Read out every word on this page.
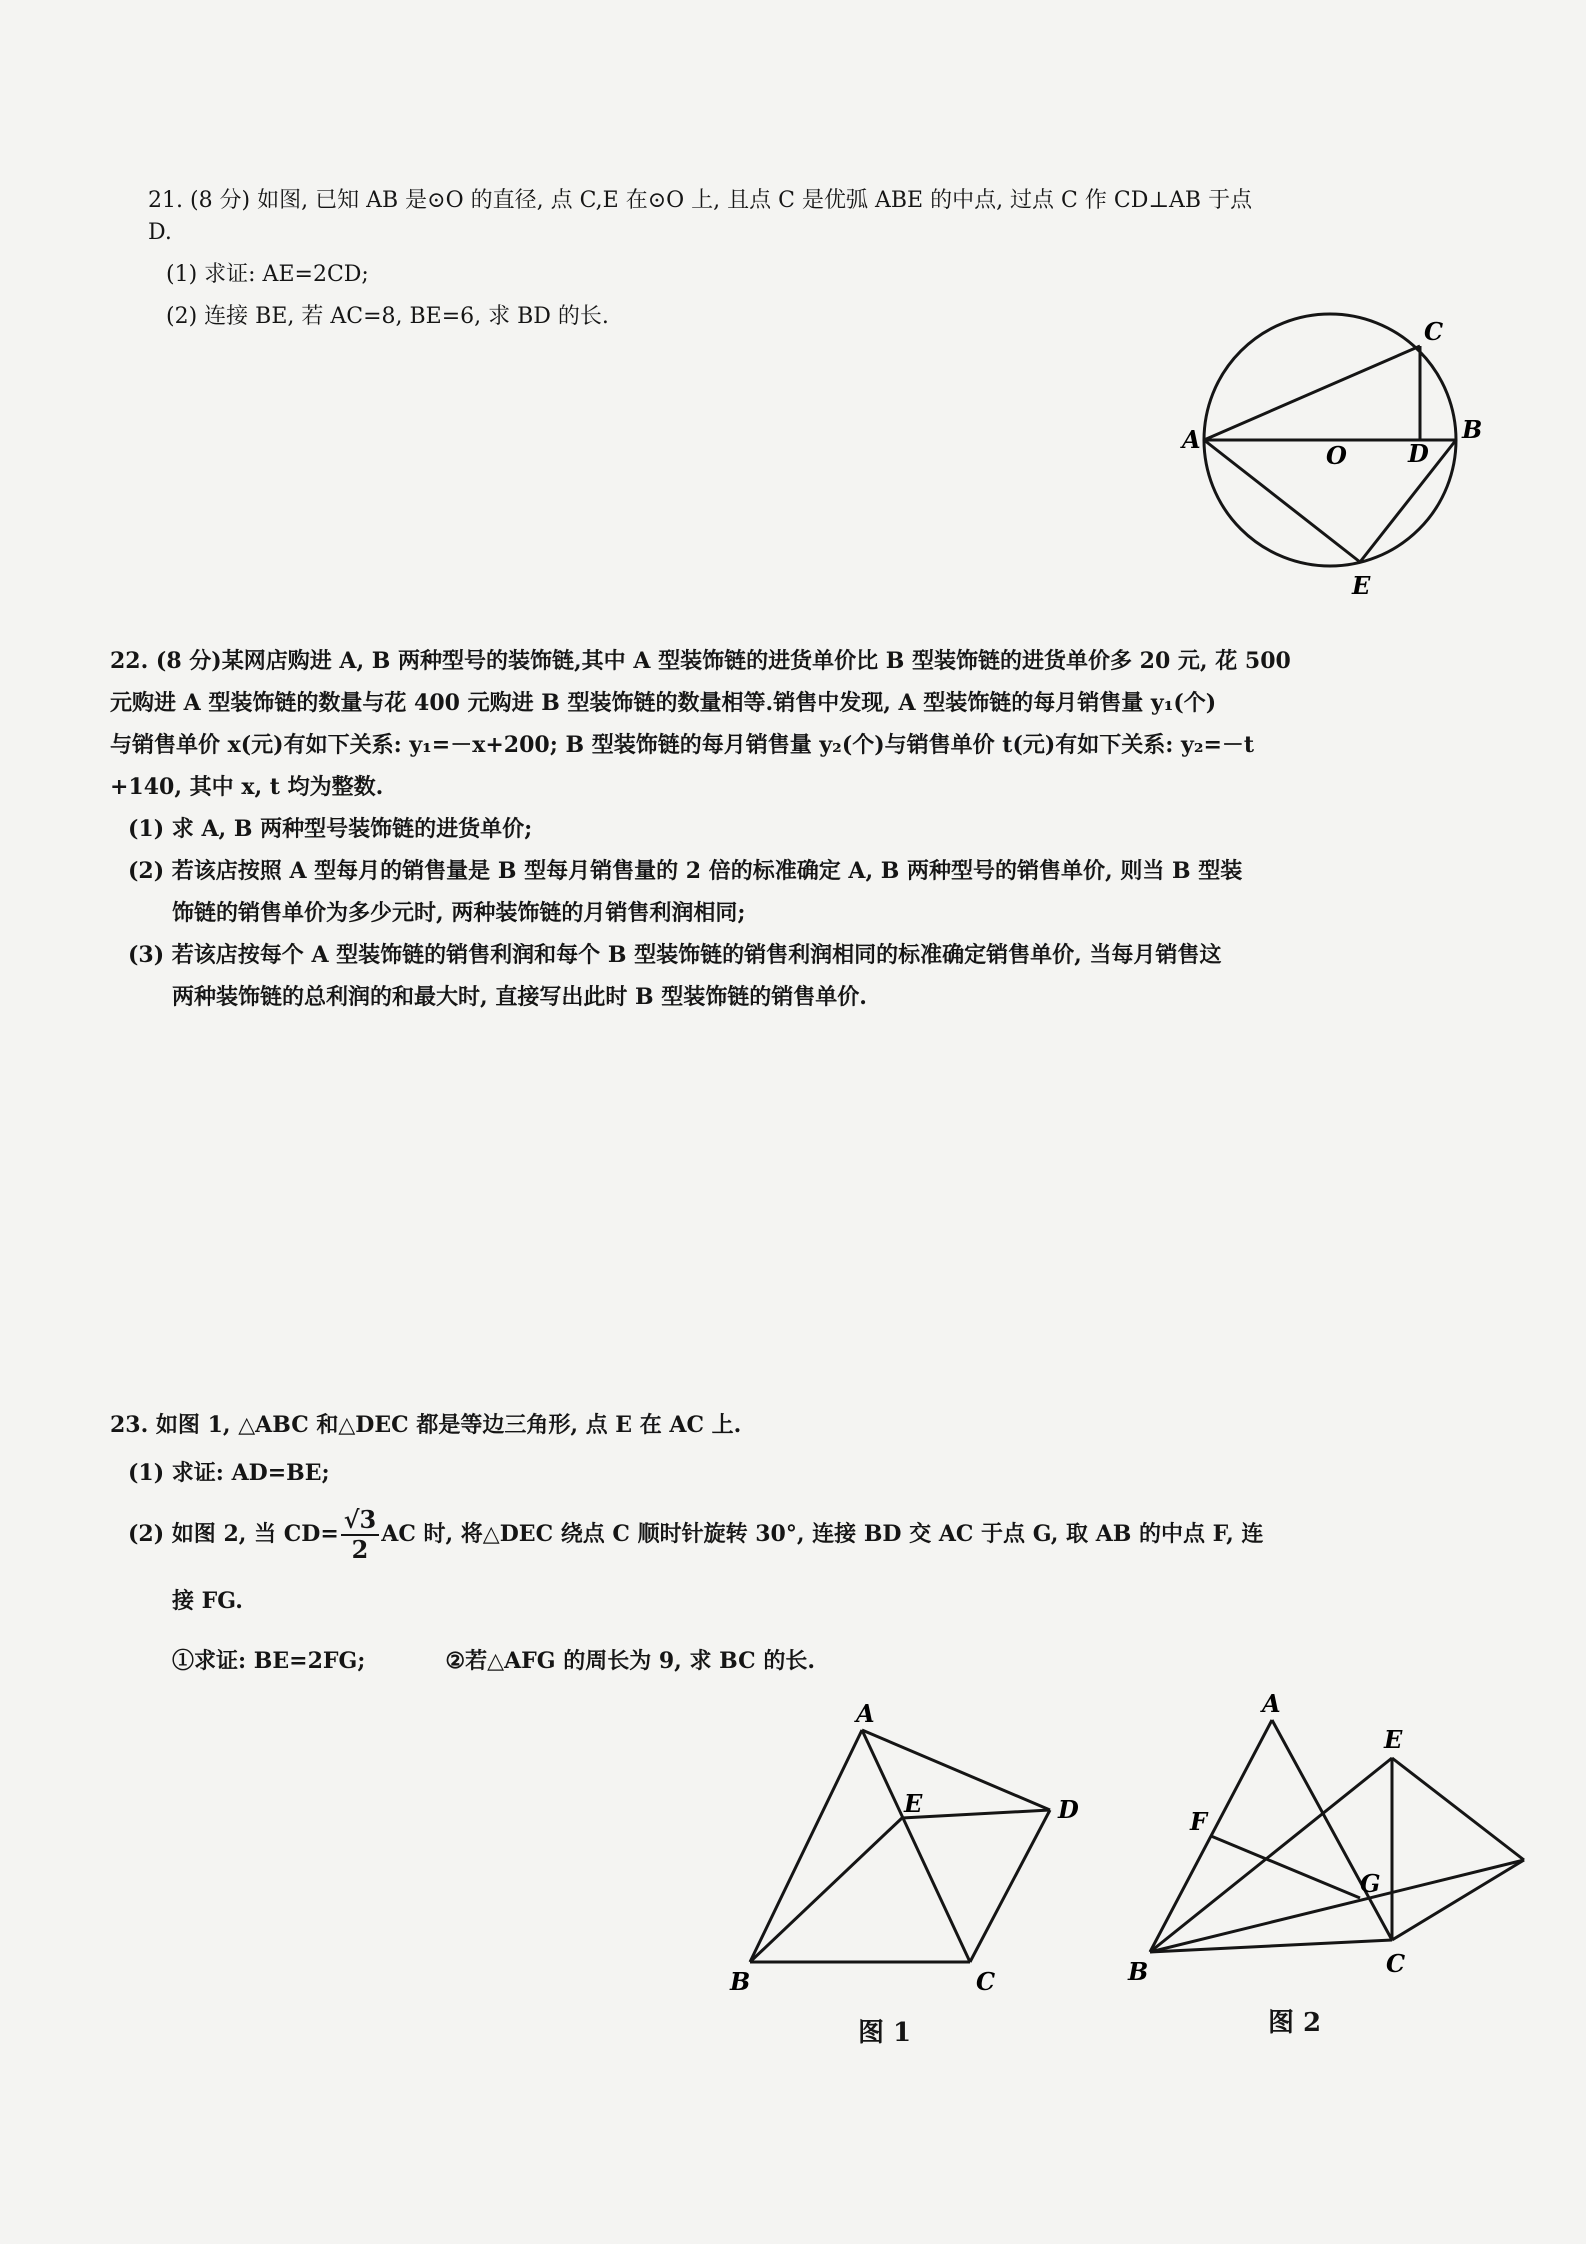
21. (8 分) 如图, 已知 AB 是⊙O 的直径, 点 C,E 在⊙O 上, 且点 C 是优弧 ABE 的中点, 过点 C 作 CD⊥AB 于点
D.
(1) 求证: AE=2CD;
(2) 连接 BE, 若 AC=8, BE=6, 求 BD 的长.
C
A	B
O	D
E
22. (8 分)某网店购进 A, B 两种型号的装饰链,其中 A 型装饰链的进货单价比 B 型装饰链的进货单价多 20 元, 花 500
元购进 A 型装饰链的数量与花 400 元购进 B 型装饰链的数量相等.销售中发现, A 型装饰链的每月销售量 y₁(个)
与销售单价 x(元)有如下关系: y₁=－x+200; B 型装饰链的每月销售量 y₂(个)与销售单价 t(元)有如下关系: y₂=－t
+140, 其中 x, t 均为整数.
(1) 求 A, B 两种型号装饰链的进货单价;
(2) 若该店按照 A 型每月的销售量是 B 型每月销售量的 2 倍的标准确定 A, B 两种型号的销售单价, 则当 B 型装
饰链的销售单价为多少元时, 两种装饰链的月销售利润相同;
(3) 若该店按每个 A 型装饰链的销售利润和每个 B 型装饰链的销售利润相同的标准确定销售单价, 当每月销售这
两种装饰链的总利润的和最大时, 直接写出此时 B 型装饰链的销售单价.
23. 如图 1, △ABC 和△DEC 都是等边三角形, 点 E 在 AC 上.
(1) 求证: AD=BE;
(2) 如图 2, 当 $CD= \frac{√3}{2}$ AC 时, 将△DEC 绕点 C 顺时针旋转 30°, 连接 BD 交 AC 于点 G, 取 AB 的中点 F, 连
接 FG.
①求证: BE=2FG;	②若△AFG 的周长为 9, 求 BC 的长.
A
E	D
B	C
图 1
A
E
F
G
B	C
图 2
